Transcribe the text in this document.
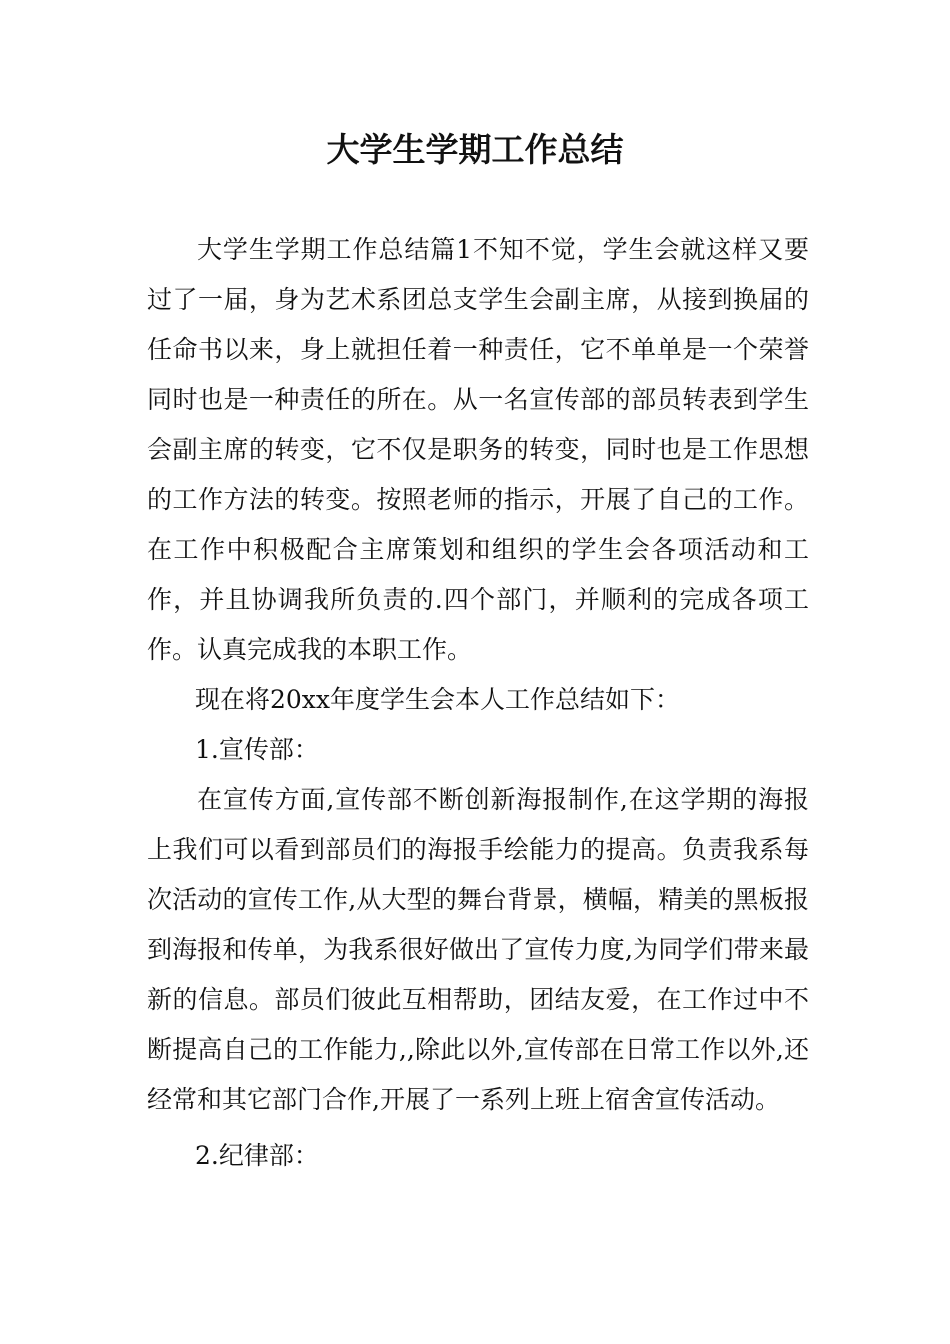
大学生学期工作总结

大学生学期工作总结篇1不知不觉，学生会就这样又要过了一届，身为艺术系团总支学生会副主席，从接到换届的任命书以来，身上就担任着一种责任，它不单单是一个荣誉同时也是一种责任的所在。从一名宣传部的部员转表到学生会副主席的转变，它不仅是职务的转变，同时也是工作思想的工作方法的转变。按照老师的指示，开展了自己的工作。在工作中积极配合主席策划和组织的学生会各项活动和工作，并且协调我所负责的.四个部门，并顺利的完成各项工作。认真完成我的本职工作。

现在将20xx年度学生会本人工作总结如下：

1.宣传部：

在宣传方面,宣传部不断创新海报制作,在这学期的海报上我们可以看到部员们的海报手绘能力的提高。负责我系每次活动的宣传工作,从大型的舞台背景，横幅，精美的黑板报到海报和传单，为我系很好做出了宣传力度,为同学们带来最新的信息。部员们彼此互相帮助，团结友爱，在工作过中不断提高自己的工作能力,,除此以外,宣传部在日常工作以外,还经常和其它部门合作,开展了一系列上班上宿舍宣传活动。

2.纪律部：
